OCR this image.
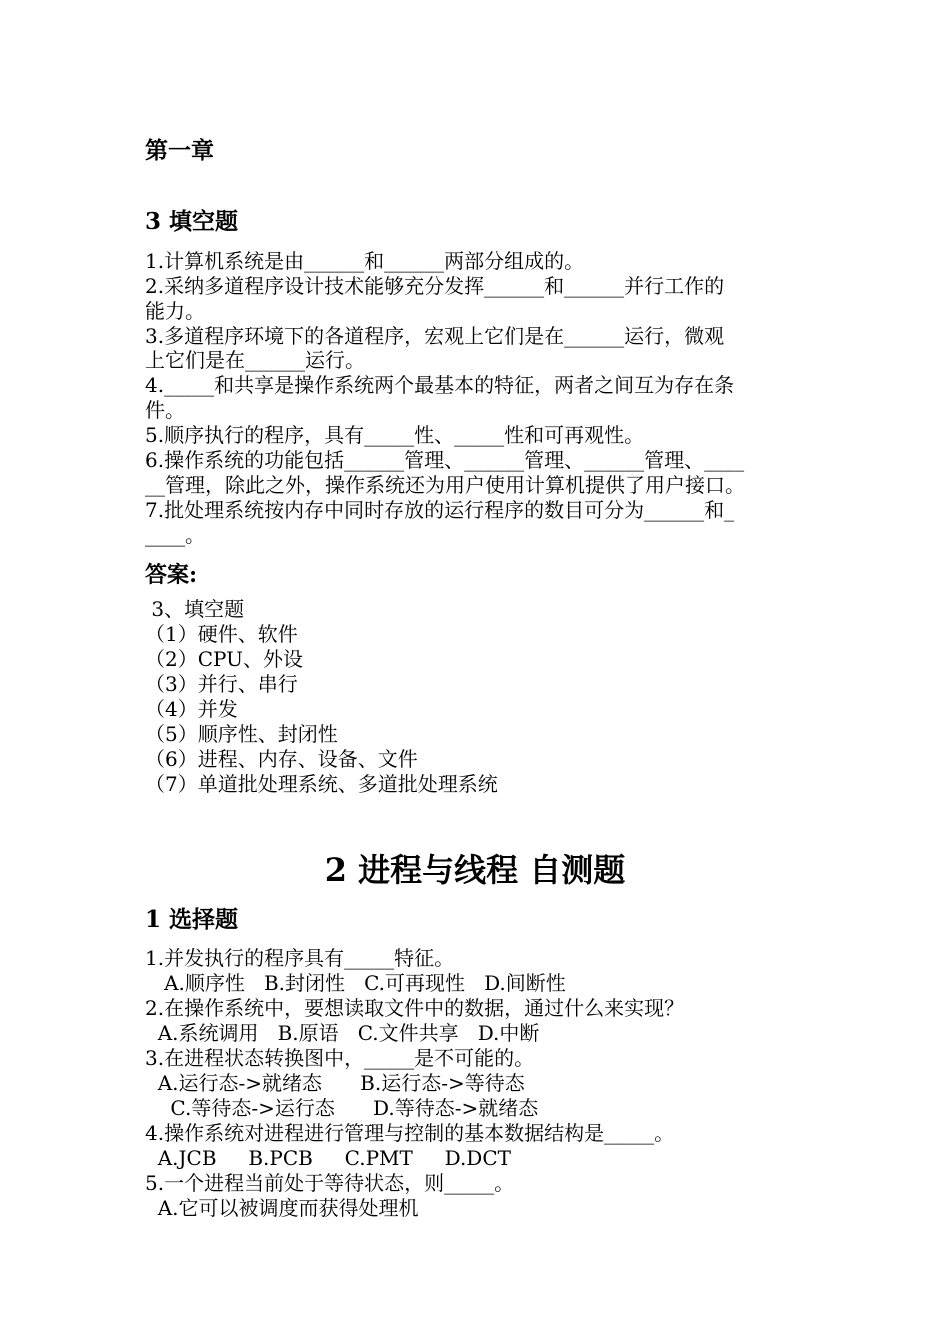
第一章
3 填空题
1.计算机系统是由______和______两部分组成的。
2.采纳多道程序设计技术能够充分发挥______和______并行工作的
能力。
3.多道程序环境下的各道程序，宏观上它们是在______运行，微观
上它们是在______运行。
4._____和共享是操作系统两个最基本的特征，两者之间互为存在条
件。
5.顺序执行的程序，具有_____性、_____性和可再观性。
6.操作系统的功能包括______管理、______管理、______管理、____
__管理，除此之外，操作系统还为用户使用计算机提供了用户接口。
7.批处理系统按内存中同时存放的运行程序的数目可分为______和_
____。
答案:
3、填空题
（1）硬件、软件
（2）CPU、外设
（3）并行、串行
（4）并发
（5）顺序性、封闭性
（6）进程、内存、设备、文件
（7）单道批处理系统、多道批处理系统
2 进程与线程 自测题
1 选择题
1.并发执行的程序具有_____特征。
A.顺序性   B.封闭性   C.可再现性   D.间断性
2.在操作系统中，要想读取文件中的数据，通过什么来实现？
A.系统调用   B.原语   C.文件共享   D.中断
3.在进程状态转换图中，_____是不可能的。
A.运行态->就绪态      B.运行态->等待态
C.等待态->运行态      D.等待态->就绪态
4.操作系统对进程进行管理与控制的基本数据结构是_____。
A.JCB     B.PCB     C.PMT     D.DCT
5.一个进程当前处于等待状态，则_____。
A.它可以被调度而获得处理机
